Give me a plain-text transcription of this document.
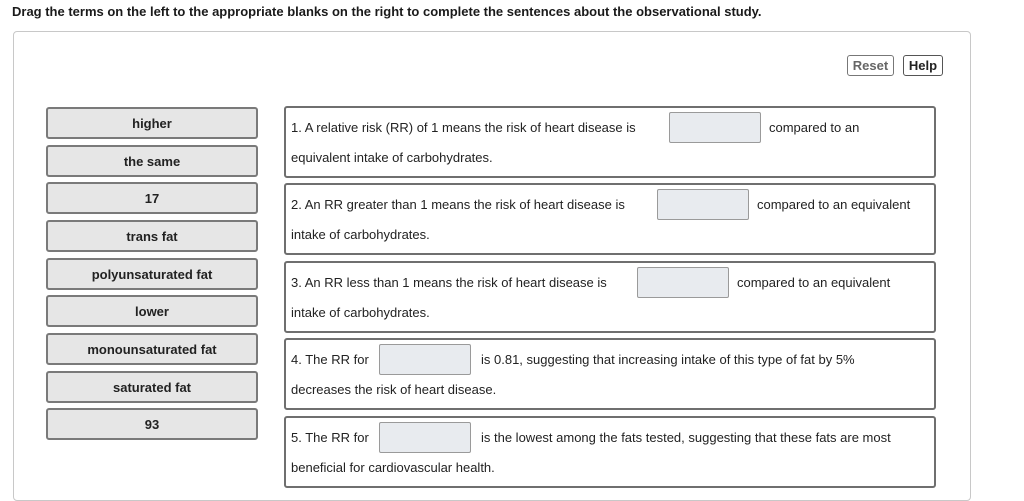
Drag the terms on the left to the appropriate blanks on the right to complete the sentences about the observational study.
Reset	Help
higher
the same
17
trans fat
polyunsaturated fat
lower
monounsaturated fat
saturated fat
93
1. A relative risk (RR) of 1 means the risk of heart disease is	compared to an
equivalent intake of carbohydrates.
2. An RR greater than 1 means the risk of heart disease is	compared to an equivalent
intake of carbohydrates.
3. An RR less than 1 means the risk of heart disease is	compared to an equivalent
intake of carbohydrates.
4. The RR for	is 0.81, suggesting that increasing intake of this type of fat by 5%
decreases the risk of heart disease.
5. The RR for	is the lowest among the fats tested, suggesting that these fats are most
beneficial for cardiovascular health.
